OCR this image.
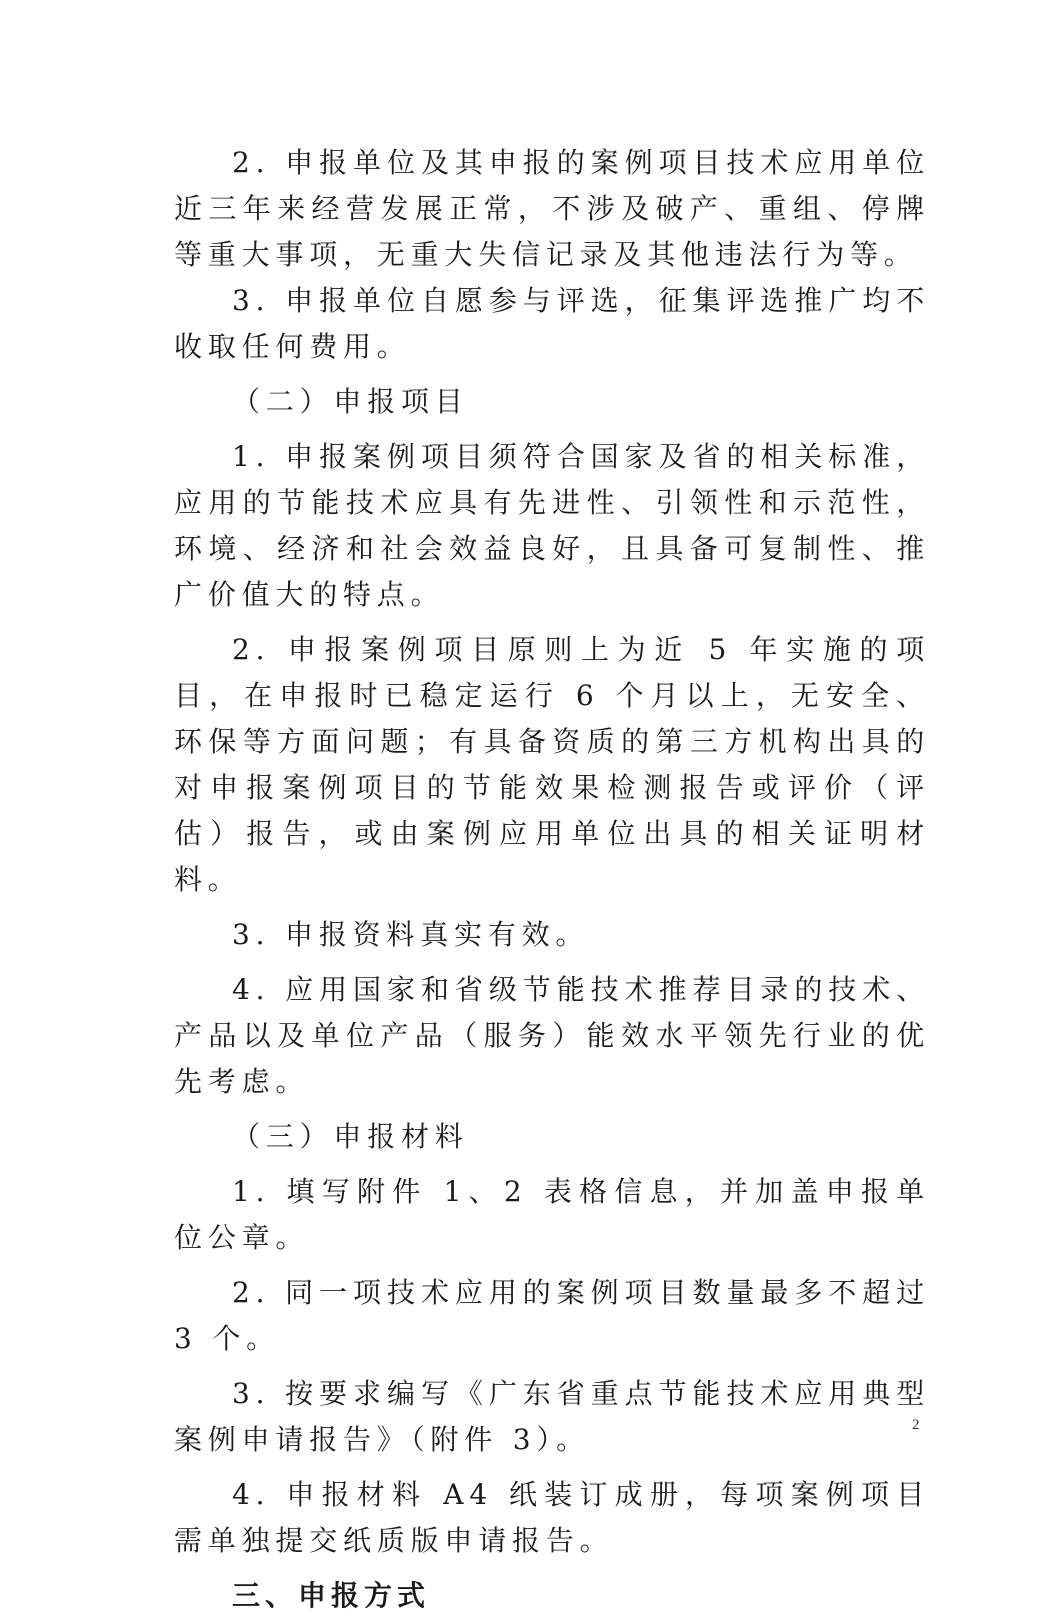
2. 申报单位及其申报的案例项目技术应用单位近三年来经营发展正常，不涉及破产、重组、停牌等重大事项，无重大失信记录及其他违法行为等。

3. 申报单位自愿参与评选，征集评选推广均不收取任何费用。

（二）申报项目

1. 申报案例项目须符合国家及省的相关标准，应用的节能技术应具有先进性、引领性和示范性，环境、经济和社会效益良好，且具备可复制性、推广价值大的特点。

2. 申报案例项目原则上为近 5 年实施的项目，在申报时已稳定运行 6 个月以上，无安全、环保等方面问题；有具备资质的第三方机构出具的对申报案例项目的节能效果检测报告或评价（评估）报告，或由案例应用单位出具的相关证明材料。

3. 申报资料真实有效。

4. 应用国家和省级节能技术推荐目录的技术、产品以及单位产品（服务）能效水平领先行业的优先考虑。

（三）申报材料

1. 填写附件 1、2 表格信息，并加盖申报单位公章。

2. 同一项技术应用的案例项目数量最多不超过 3 个。

3. 按要求编写《广东省重点节能技术应用典型案例申请报告》（附件 3）。

4. 申报材料 A4 纸装订成册，每项案例项目需单独提交纸质版申请报告。

三、申报方式

2
